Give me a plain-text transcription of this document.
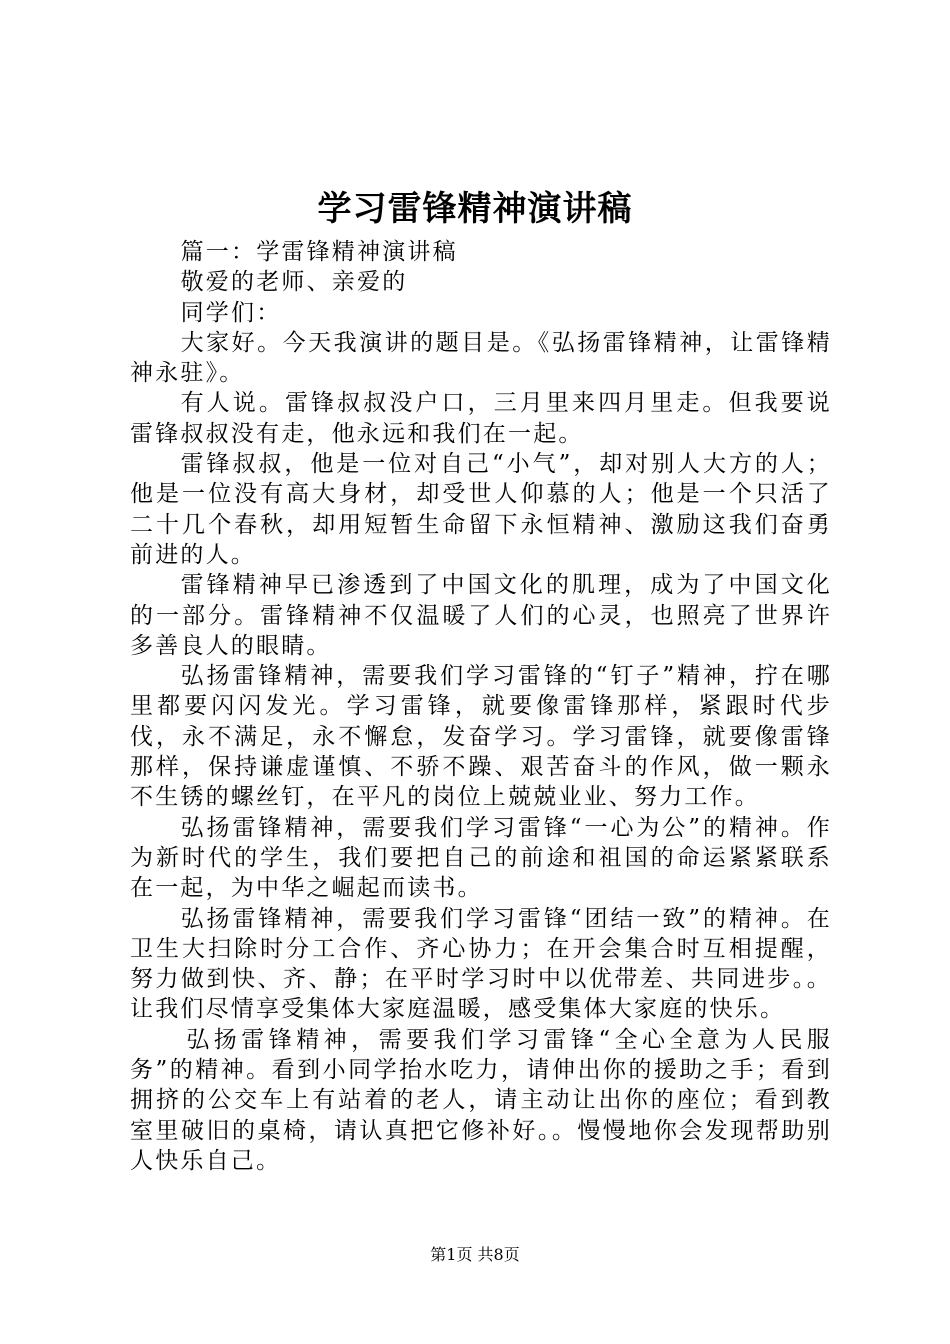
学习雷锋精神演讲稿

篇一：学雷锋精神演讲稿

敬爱的老师、亲爱的

同学们：

大家好。今天我演讲的题目是。《弘扬雷锋精神，让雷锋精神永驻》。

有人说。雷锋叔叔没户口，三月里来四月里走。但我要说雷锋叔叔没有走，他永远和我们在一起。

雷锋叔叔，他是一位对自己“小气”，却对别人大方的人；他是一位没有高大身材，却受世人仰慕的人；他是一个只活了二十几个春秋，却用短暂生命留下永恒精神、激励这我们奋勇前进的人。

雷锋精神早已渗透到了中国文化的肌理，成为了中国文化的一部分。雷锋精神不仅温暖了人们的心灵，也照亮了世界许多善良人的眼睛。

弘扬雷锋精神，需要我们学习雷锋的“钉子”精神，拧在哪里都要闪闪发光。学习雷锋，就要像雷锋那样，紧跟时代步伐，永不满足，永不懈怠，发奋学习。学习雷锋，就要像雷锋那样，保持谦虚谨慎、不骄不躁、艰苦奋斗的作风，做一颗永不生锈的螺丝钉，在平凡的岗位上兢兢业业、努力工作。

弘扬雷锋精神，需要我们学习雷锋“一心为公”的精神。作为新时代的学生，我们要把自己的前途和祖国的命运紧紧联系在一起，为中华之崛起而读书。

弘扬雷锋精神，需要我们学习雷锋“团结一致”的精神。在卫生大扫除时分工合作、齐心协力；在开会集合时互相提醒，努力做到快、齐、静；在平时学习时中以优带差、共同进步。。让我们尽情享受集体大家庭温暖，感受集体大家庭的快乐。

弘扬雷锋精神，需要我们学习雷锋“全心全意为人民服务”的精神。看到小同学抬水吃力，请伸出你的援助之手；看到拥挤的公交车上有站着的老人，请主动让出你的座位；看到教室里破旧的桌椅，请认真把它修补好。。慢慢地你会发现帮助别人快乐自己。

第1页 共8页
